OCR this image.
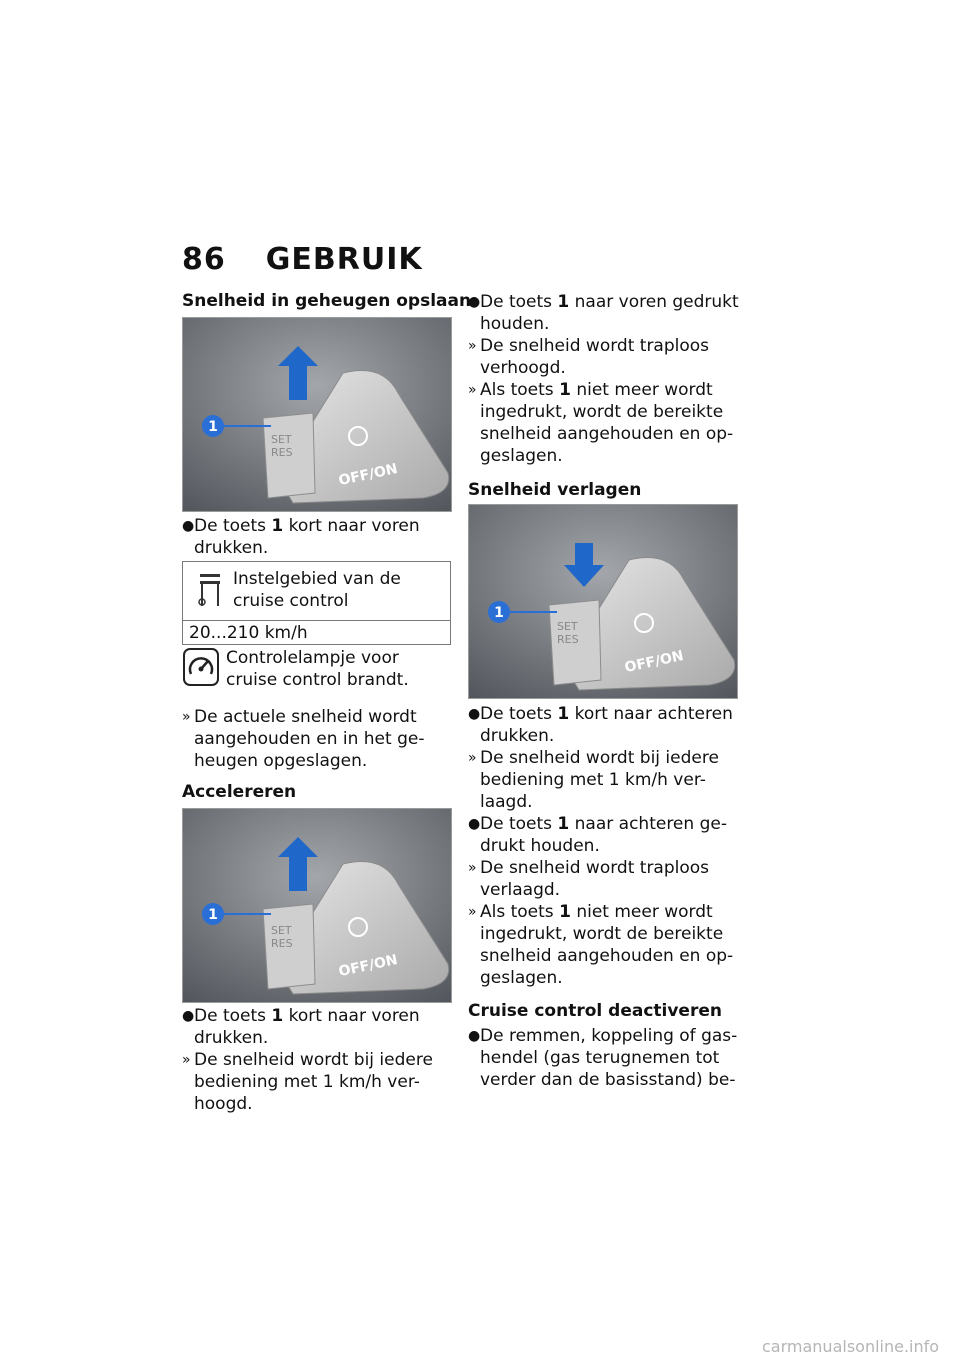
86 GEBRUIK
Snelheid in geheugen opslaan
SET
RES
OFF/ON
1
● De toets 1 kort naar voren
drukken.
Instelgebied van de
cruise control
20...210 km/h
Controlelampje voor
cruise control brandt.
» De actuele snelheid wordt
aangehouden en in het ge-
heugen opgeslagen.
Accelereren
SET
RES
OFF/ON
1
● De toets 1 kort naar voren
drukken.
» De snelheid wordt bij iedere
bediening met 1 km/h ver-
hoogd.
● De toets 1 naar voren gedrukt
houden.
» De snelheid wordt traploos
verhoogd.
» Als toets 1 niet meer wordt
ingedrukt, wordt de bereikte
snelheid aangehouden en op-
geslagen.
Snelheid verlagen
SET
RES
OFF/ON
1
● De toets 1 kort naar achteren
drukken.
» De snelheid wordt bij iedere
bediening met 1 km/h ver-
laagd.
● De toets 1 naar achteren ge-
drukt houden.
» De snelheid wordt traploos
verlaagd.
» Als toets 1 niet meer wordt
ingedrukt, wordt de bereikte
snelheid aangehouden en op-
geslagen.
Cruise control deactiveren
● De remmen, koppeling of gas-
hendel (gas terugnemen tot
verder dan de basisstand) be-
carmanualsonline.info
